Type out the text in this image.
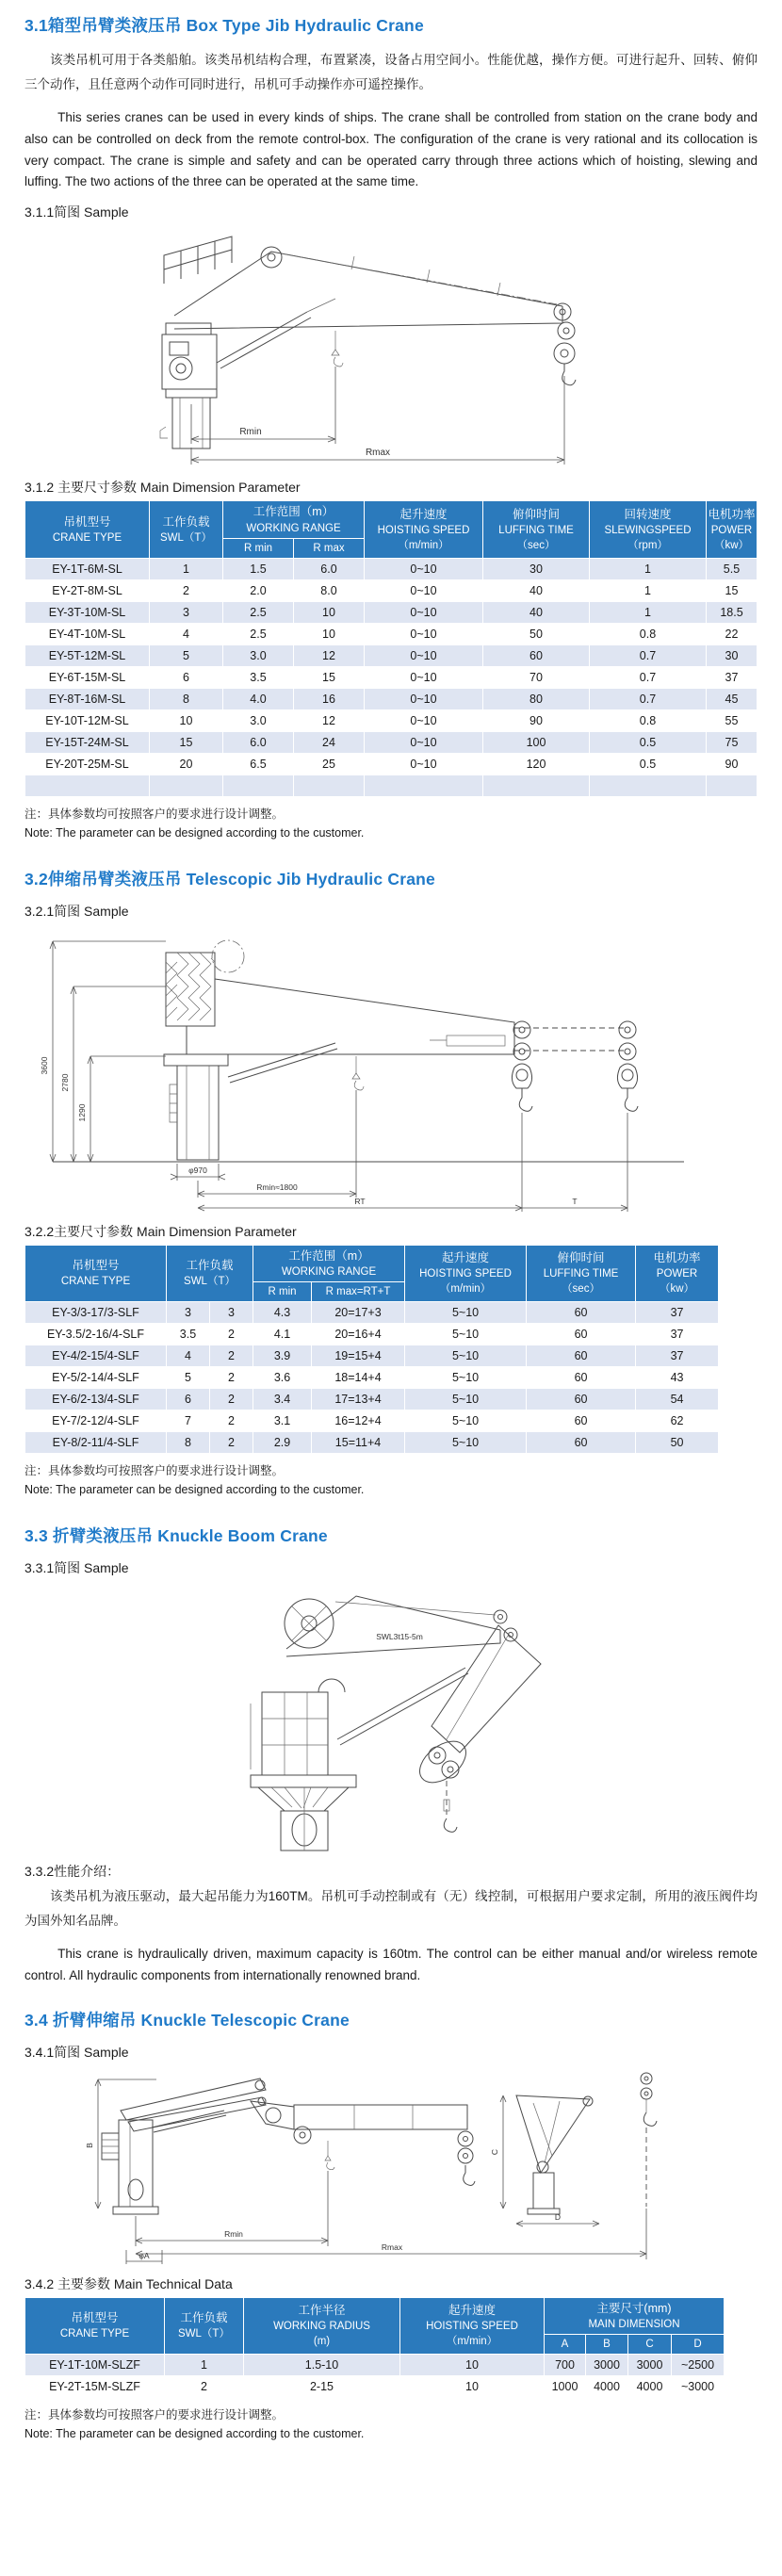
3.1箱型吊臂类液压吊 Box Type Jib Hydraulic Crane

该类吊机可用于各类船舶。该类吊机结构合理，布置紧凑，设备占用空间小。性能优越，操作方便。可进行起升、回转、俯仰三个动作，且任意两个动作可同时进行，吊机可手动操作亦可遥控操作。

This series cranes can be used in every kinds of ships. The crane shall be controlled from station on the crane body and also can be controlled on deck from the remote control-box. The configuration of the crane is very rational and its collocation is very compact. The crane is simple and safety and can be operated carry through three actions which of hoisting, slewing and luffing. The two actions of the three can be operated at the same time.

3.1.1简图 Sample
Rmin
Rmax
3.1.2 主要尺寸参数 Main Dimension Parameter
吊机型号
CRANE TYPE	工作负载
SWL（T）	工作范围（m）
WORKING RANGE		起升速度
HOISTING SPEED
（m/min）	俯仰时间
LUFFING TIME
（sec）	回转速度
SLEWINGSPEED
（rpm）	电机功率
POWER
（kw）

		R min	R max				

EY-1T-6M-SL	1	1.5	6.0	0~10	30	1	5.5
EY-2T-8M-SL	2	2.0	8.0	0~10	40	1	15
EY-3T-10M-SL	3	2.5	10	0~10	40	1	18.5
EY-4T-10M-SL	4	2.5	10	0~10	50	0.8	22
EY-5T-12M-SL	5	3.0	12	0~10	60	0.7	30
EY-6T-15M-SL	6	3.5	15	0~10	70	0.7	37
EY-8T-16M-SL	8	4.0	16	0~10	80	0.7	45
EY-10T-12M-SL	10	3.0	12	0~10	90	0.8	55
EY-15T-24M-SL	15	6.0	24	0~10	100	0.5	75
EY-20T-25M-SL	20	6.5	25	0~10	120	0.5	90

注：具体参数均可按照客户的要求进行设计调整。
Note: The parameter can be designed according to the customer.
3.2伸缩吊臂类液压吊 Telescopic Jib Hydraulic Crane
3.2.1简图 Sample
3600
2780
1290
φ970
Rmin≈1800
RT	T
3.2.2主要尺寸参数 Main Dimension Parameter
吊机型号
CRANE TYPE	工作负载
SWL（T）		工作范围（m）
WORKING RANGE		起升速度
HOISTING SPEED
（m/min）	俯仰时间
LUFFING TIME
（sec）	电机功率
POWER
（kw）

			R min	R max=RT+T			

EY-3/3-17/3-SLF	3	3	4.3	20=17+3	5~10	60	37
EY-3.5/2-16/4-SLF	3.5	2	4.1	20=16+4	5~10	60	37
EY-4/2-15/4-SLF	4	2	3.9	19=15+4	5~10	60	37
EY-5/2-14/4-SLF	5	2	3.6	18=14+4	5~10	60	43
EY-6/2-13/4-SLF	6	2	3.4	17=13+4	5~10	60	54
EY-7/2-12/4-SLF	7	2	3.1	16=12+4	5~10	60	62
EY-8/2-11/4-SLF	8	2	2.9	15=11+4	5~10	60	50
注：具体参数均可按照客户的要求进行设计调整。
Note: The parameter can be designed according to the customer.
3.3 折臂类液压吊 Knuckle Boom Crane
3.3.1简图 Sample
SWL3t15-5m
3.3.2性能介绍：

该类吊机为液压驱动，最大起吊能力为160TM。吊机可手动控制或有（无）线控制，可根据用户要求定制，所用的液压阀件均为国外知名品牌。

This crane is hydraulically driven, maximum capacity is 160tm. The control can be either manual and/or wireless remote control. All hydraulic components from internationally renowned brand.

3.4 折臂伸缩吊 Knuckle Telescopic Crane
3.4.1简图 Sample
B
C
D
Rmin
Rmax
φA
3.4.2 主要参数 Main Technical Data
吊机型号
CRANE TYPE	工作负载
SWL（T）	工作半径
WORKING RADIUS
(m)	起升速度
HOISTING SPEED
（m/min）	主要尺寸(mm)
MAIN DIMENSION			

				A	B	C	D

EY-1T-10M-SLZF	1	1.5-10	10	700	3000	3000	~2500
EY-2T-15M-SLZF	2	2-15	10	1000	4000	4000	~3000
注：具体参数均可按照客户的要求进行设计调整。
Note: The parameter can be designed according to the customer.
